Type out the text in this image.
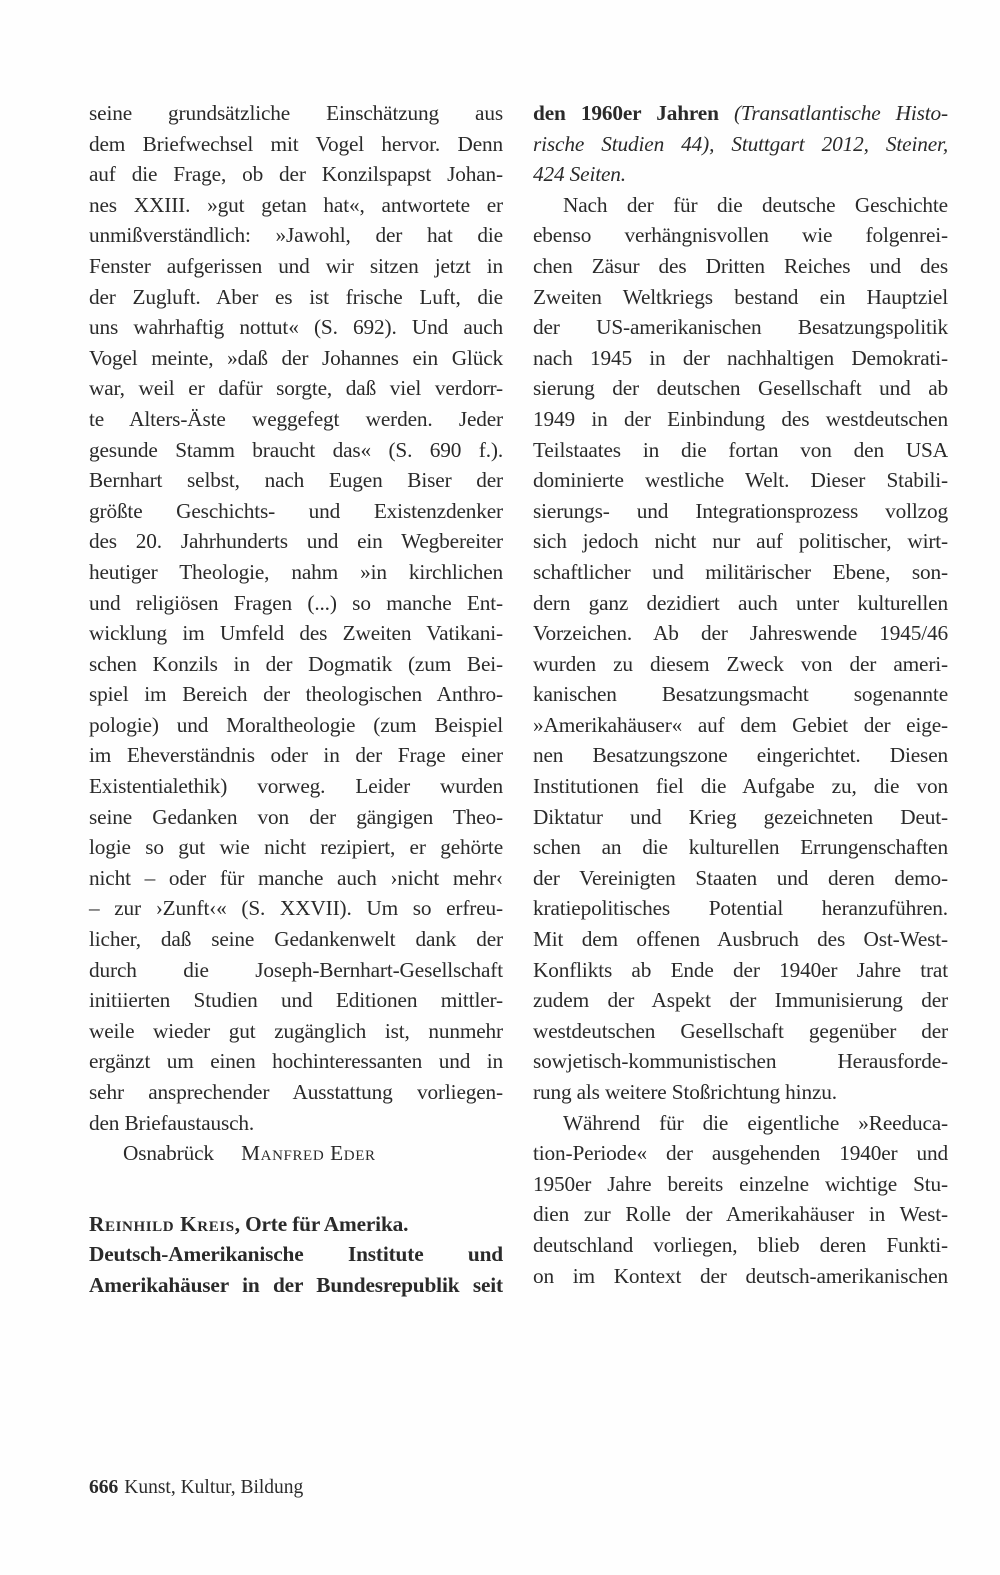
seine grundsätzliche Einschätzung aus
dem Briefwechsel mit Vogel hervor. Denn
auf die Frage, ob der Konzilspapst Johan-
nes XXIII. »gut getan hat«, antwortete er
unmißverständlich: »Jawohl, der hat die
Fenster aufgerissen und wir sitzen jetzt in
der Zugluft. Aber es ist frische Luft, die
uns wahrhaftig nottut« (S. 692). Und auch
Vogel meinte, »daß der Johannes ein Glück
war, weil er dafür sorgte, daß viel verdorr-
te Alters-Äste weggefegt werden. Jeder
gesunde Stamm braucht das« (S. 690 f.).
Bernhart selbst, nach Eugen Biser der
größte Geschichts- und Existenzdenker
des 20. Jahrhunderts und ein Wegbereiter
heutiger Theologie, nahm »in kirchlichen
und religiösen Fragen (...) so manche Ent-
wicklung im Umfeld des Zweiten Vatikani-
schen Konzils in der Dogmatik (zum Bei-
spiel im Bereich der theologischen Anthro-
pologie) und Moraltheologie (zum Beispiel
im Eheverständnis oder in der Frage einer
Existentialethik) vorweg. Leider wurden
seine Gedanken von der gängigen Theo-
logie so gut wie nicht rezipiert, er gehörte
nicht – oder für manche auch ›nicht mehr‹
– zur ›Zunft‹« (S. XXVII). Um so erfreu-
licher, daß seine Gedankenwelt dank der
durch die Joseph-Bernhart-Gesellschaft
initiierten Studien und Editionen mittler-
weile wieder gut zugänglich ist, nunmehr
ergänzt um einen hochinteressanten und in
sehr ansprechender Ausstattung vorliegen-
den Briefaustausch.
Osnabrück Manfred Eder
Reinhild Kreis, Orte für Amerika.
Deutsch-Amerikanische Institute und
Amerikahäuser in der Bundesrepublik seit
den 1960er Jahren (Transatlantische Histo-
rische Studien 44), Stuttgart 2012, Steiner,
424 Seiten.
Nach der für die deutsche Geschichte
ebenso verhängnisvollen wie folgenrei-
chen Zäsur des Dritten Reiches und des
Zweiten Weltkriegs bestand ein Hauptziel
der US-amerikanischen Besatzungspolitik
nach 1945 in der nachhaltigen Demokrati-
sierung der deutschen Gesellschaft und ab
1949 in der Einbindung des westdeutschen
Teilstaates in die fortan von den USA
dominierte westliche Welt. Dieser Stabili-
sierungs- und Integrationsprozess vollzog
sich jedoch nicht nur auf politischer, wirt-
schaftlicher und militärischer Ebene, son-
dern ganz dezidiert auch unter kulturellen
Vorzeichen. Ab der Jahreswende 1945/46
wurden zu diesem Zweck von der ameri-
kanischen Besatzungsmacht sogenannte
»Amerikahäuser« auf dem Gebiet der eige-
nen Besatzungszone eingerichtet. Diesen
Institutionen fiel die Aufgabe zu, die von
Diktatur und Krieg gezeichneten Deut-
schen an die kulturellen Errungenschaften
der Vereinigten Staaten und deren demo-
kratiepolitisches Potential heranzuführen.
Mit dem offenen Ausbruch des Ost-West-
Konflikts ab Ende der 1940er Jahre trat
zudem der Aspekt der Immunisierung der
westdeutschen Gesellschaft gegenüber der
sowjetisch-kommunistischen Herausforde-
rung als weitere Stoßrichtung hinzu.
Während für die eigentliche »Reeduca-
tion-Periode« der ausgehenden 1940er und
1950er Jahre bereits einzelne wichtige Stu-
dien zur Rolle der Amerikahäuser in West-
deutschland vorliegen, blieb deren Funkti-
on im Kontext der deutsch-amerikanischen
666 Kunst, Kultur, Bildung
